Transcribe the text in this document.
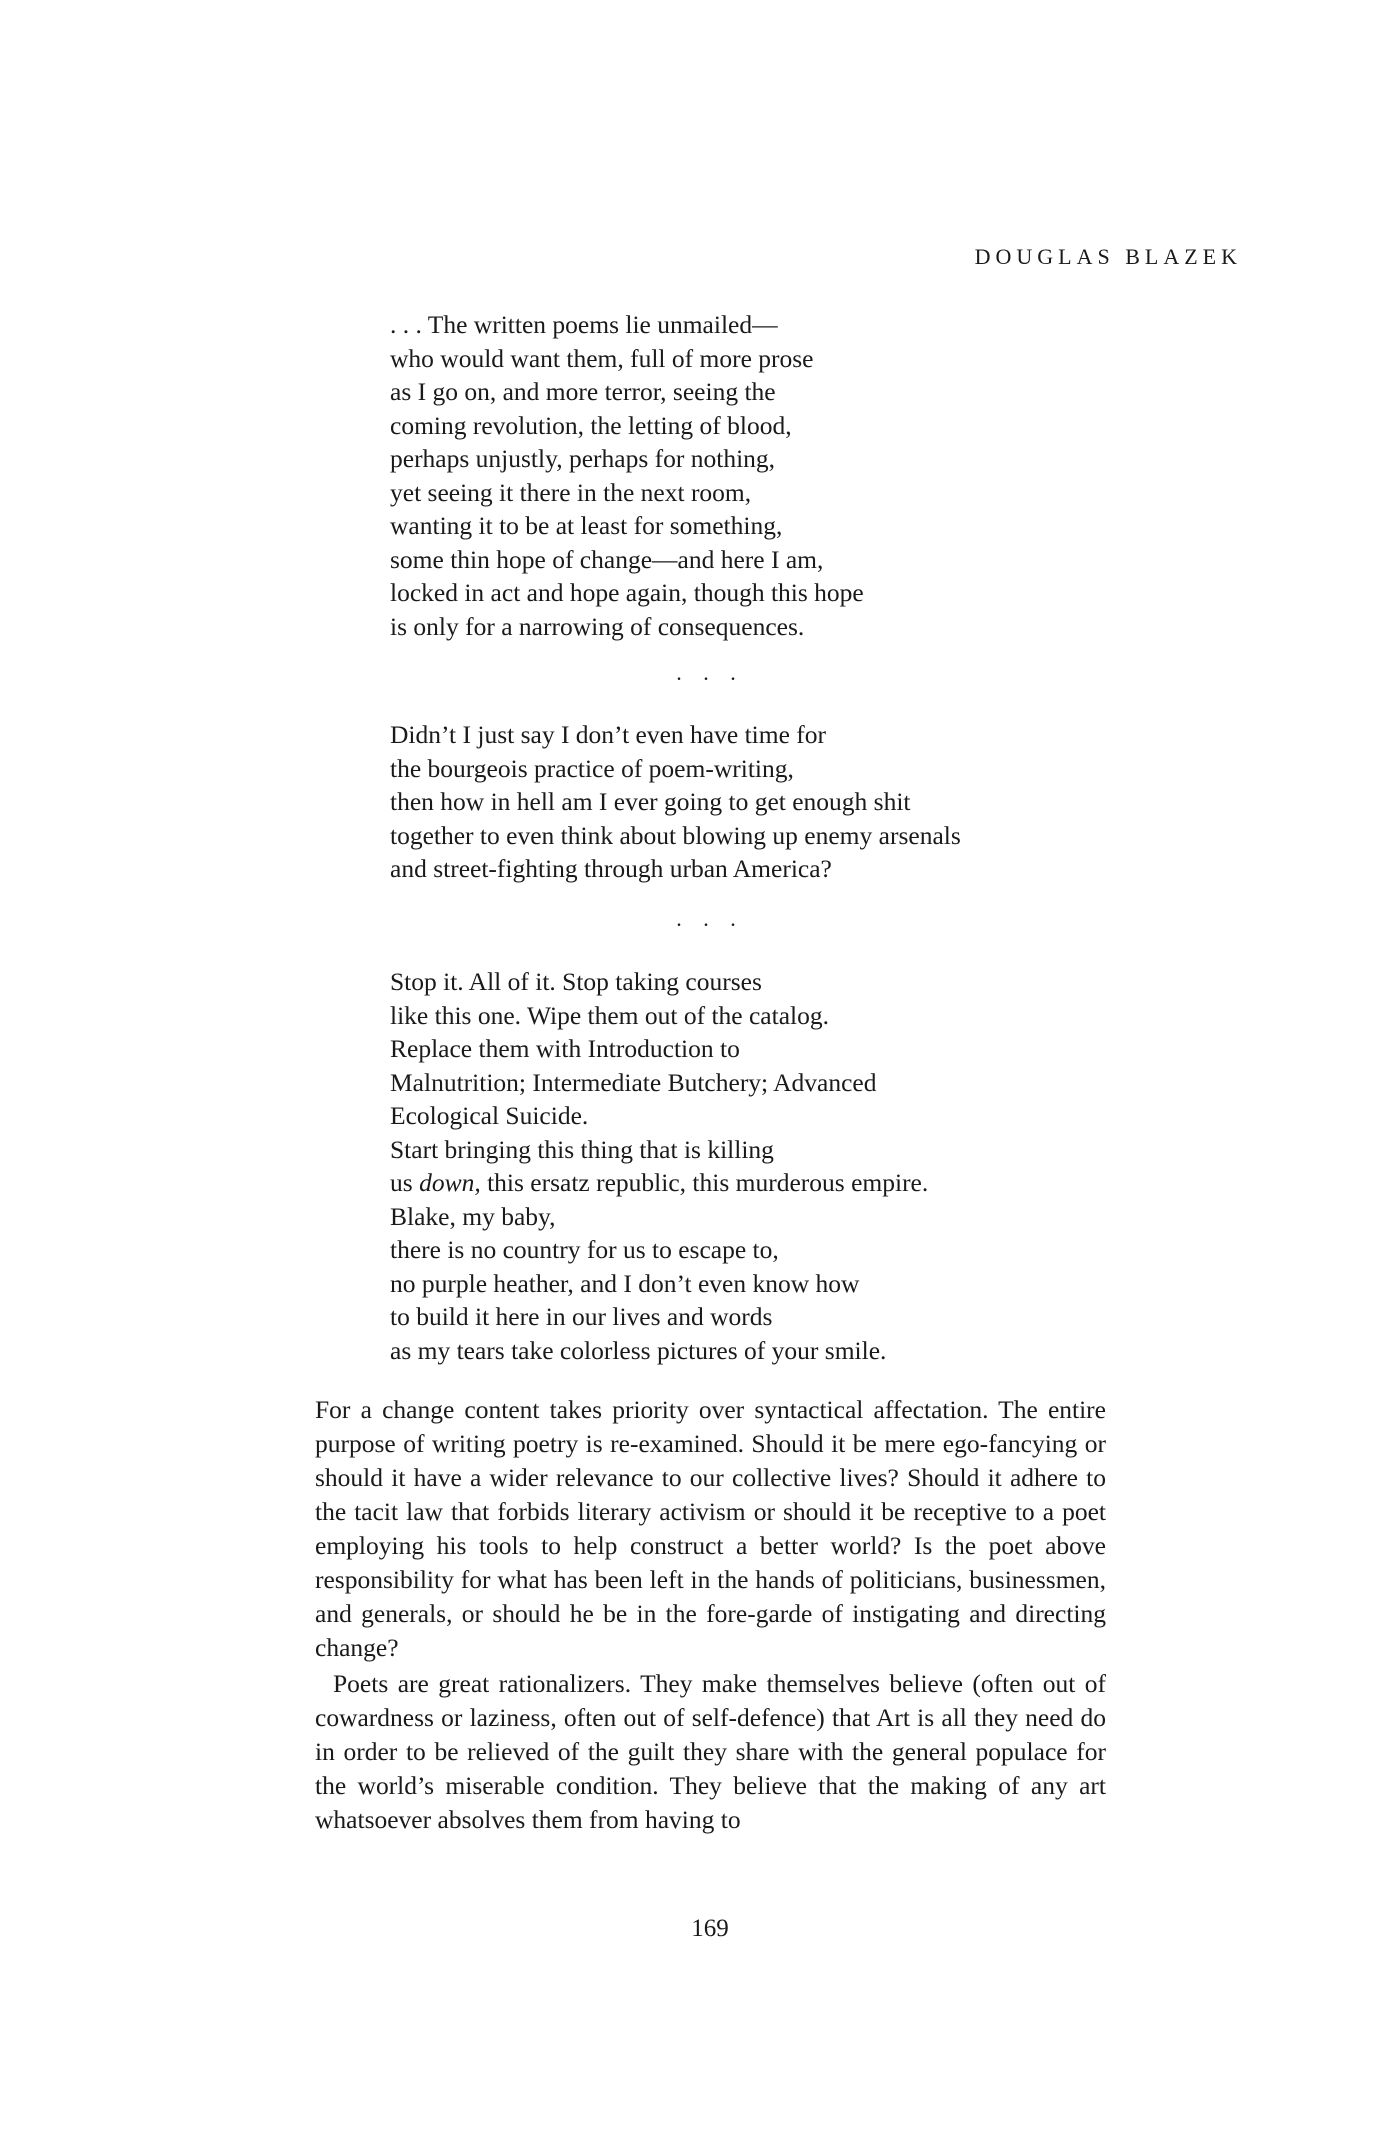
DOUGLAS BLAZEK

. . . The written poems lie unmailed—
who would want them, full of more prose
as I go on, and more terror, seeing the
coming revolution, the letting of blood,
perhaps unjustly, perhaps for nothing,
yet seeing it there in the next room,
wanting it to be at least for something,
some thin hope of change—and here I am,
locked in act and hope again, though this hope
is only for a narrowing of consequences.

. . .

Didn’t I just say I don’t even have time for
the bourgeois practice of poem-writing,
then how in hell am I ever going to get enough shit
together to even think about blowing up enemy arsenals
and street-fighting through urban America?

. . .

Stop it. All of it. Stop taking courses
like this one. Wipe them out of the catalog.
Replace them with Introduction to
Malnutrition; Intermediate Butchery; Advanced
Ecological Suicide.
Start bringing this thing that is killing
us down, this ersatz republic, this murderous empire.
Blake, my baby,
there is no country for us to escape to,
no purple heather, and I don’t even know how
to build it here in our lives and words
as my tears take colorless pictures of your smile.

For a change content takes priority over syntactical affectation. The entire purpose of writing poetry is re-examined. Should it be mere ego-fancying or should it have a wider relevance to our collective lives? Should it adhere to the tacit law that forbids literary activism or should it be receptive to a poet employing his tools to help construct a better world? Is the poet above responsibility for what has been left in the hands of politicians, businessmen, and generals, or should he be in the fore-garde of instigating and directing change?

Poets are great rationalizers. They make themselves believe (often out of cowardness or laziness, often out of self-defence) that Art is all they need do in order to be relieved of the guilt they share with the general populace for the world’s miserable condition. They believe that the making of any art whatsoever absolves them from having to

169
